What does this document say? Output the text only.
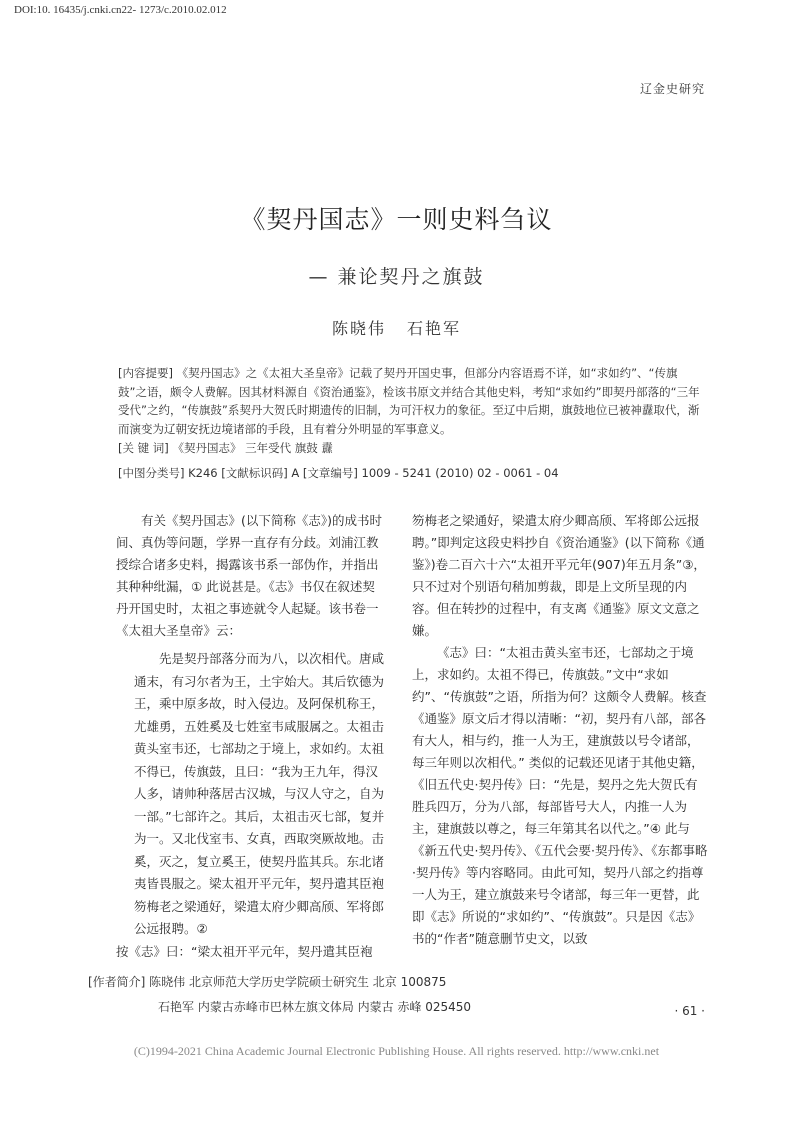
DOI:10. 16435/j.cnki.cn22- 1273/c.2010.02.012
辽金史研究
《契丹国志》一则史料刍议
— 兼论契丹之旗鼓
陈晓伟 石艳军
[内容提要] 《契丹国志》之《太祖大圣皇帝》记载了契丹开国史事，但部分内容语焉不详，如“求如约”、“传旗鼓”之语，颇令人费解。因其材料源自《资治通鉴》，检该书原文并结合其他史料，考知“求如约”即契丹部落的“三年受代”之约，“传旗鼓”系契丹大贺氏时期遗传的旧制，为可汗权力的象征。至辽中后期，旗鼓地位已被神纛取代，渐而演变为辽朝安抚边境诸部的手段，且有着分外明显的军事意义。
[关 键 词] 《契丹国志》 三年受代 旗鼓 纛
[中图分类号] K246 [文献标识码] A [文章编号] 1009 - 5241 (2010) 02 - 0061 - 04

有关《契丹国志》(以下简称《志》)的成书时间、真伪等问题，学界一直存有分歧。刘浦江教授综合诸多史料，揭露该书系一部伪作，并指出其种种纰漏，① 此说甚是。《志》书仅在叙述契丹开国史时，太祖之事迹就令人起疑。该书卷一《太祖大圣皇帝》云：

先是契丹部落分而为八，以次相代。唐咸通末，有习尔者为王，土宇始大。其后钦德为王，乘中原多故，时入侵边。及阿保机称王，尤雄勇，五姓奚及七姓室韦咸服属之。太祖击黄头室韦还，七部劫之于境上，求如约。太祖不得已，传旗鼓，且曰：“我为王九年，得汉人多，请帅种落居古汉城，与汉人守之，自为一部。”七部许之。其后，太祖击灭七部，复并为一。又北伐室韦、女真，西取突厥故地。击奚，灭之，复立奚王，使契丹监其兵。东北诸夷皆畏服之。梁太祖开平元年，契丹遣其臣袍笏梅老之梁通好，梁遣太府少卿高颀、军将郎公远报聘。②

按《志》曰：“梁太祖开平元年，契丹遣其臣袍

笏梅老之梁通好，梁遣太府少卿高颀、军将郎公远报聘。”即判定这段史料抄自《资治通鉴》(以下简称《通鉴》)卷二百六十六“太祖开平元年(907)年五月条”③，只不过对个别语句稍加剪裁，即是上文所呈现的内容。但在转抄的过程中，有支离《通鉴》原文文意之嫌。

《志》曰：“太祖击黄头室韦还，七部劫之于境上，求如约。太祖不得已，传旗鼓。”文中“求如约”、“传旗鼓”之语，所指为何？这颇令人费解。核查《通鉴》原文后才得以清晰：“初，契丹有八部，部各有大人，相与约，推一人为王，建旗鼓以号令诸部，每三年则以次相代。” 类似的记载还见诸于其他史籍，《旧五代史·契丹传》曰：“先是，契丹之先大贺氏有胜兵四万，分为八部，每部皆号大人，内推一人为主，建旗鼓以尊之，每三年第其名以代之。”④ 此与《新五代史·契丹传》、《五代会要·契丹传》、《东都事略·契丹传》等内容略同。由此可知，契丹八部之约指尊一人为王，建立旗鼓来号令诸部，每三年一更替，此即《志》所说的“求如约”、“传旗鼓”。只是因《志》书的“作者”随意删节史文，以致

[作者简介] 陈晓伟 北京师范大学历史学院硕士研究生 北京 100875
石艳军 内蒙古赤峰市巴林左旗文体局 内蒙古 赤峰 025450	· 61 ·
(C)1994-2021 China Academic Journal Electronic Publishing House. All rights reserved. http://www.cnki.net
